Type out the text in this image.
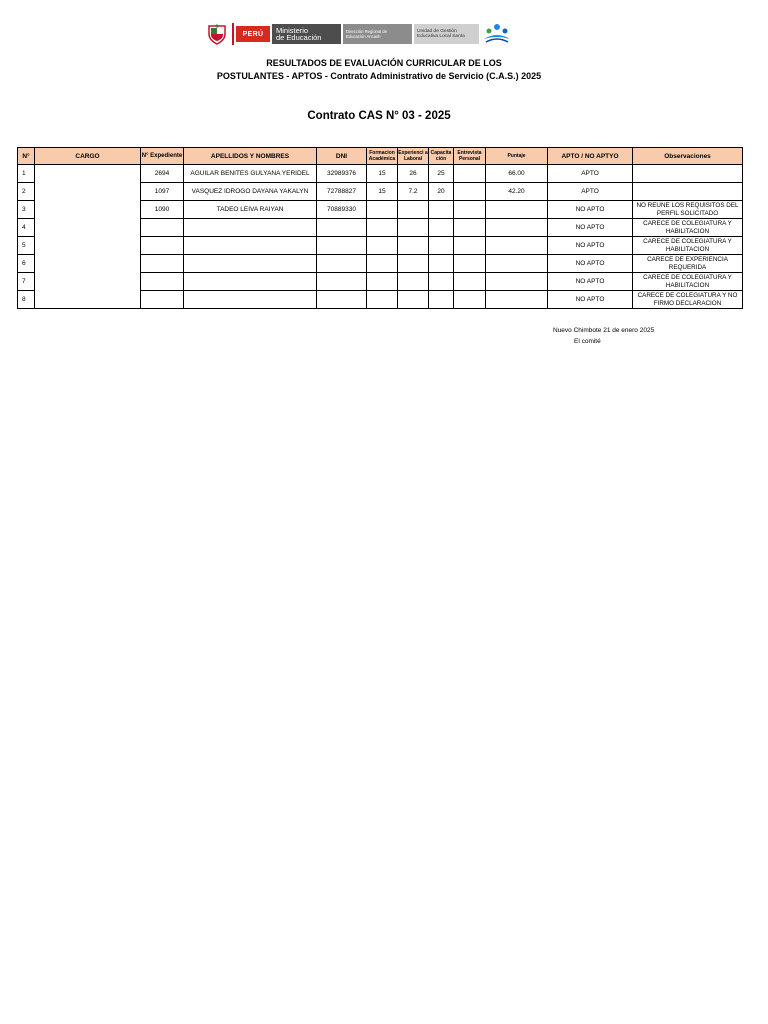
PERÚ	Ministerio
de Educación
Dirección Regional de
Educación Ancash
Unidad de Gestión
Educativa Local Santa
RESULTADOS DE EVALUACIÓN CURRICULAR DE LOS
POSTULANTES - APTOS - Contrato Administrativo de Servicio (C.A.S.) 2025
Contrato CAS N° 03 - 2025
N°	CARGO	N° Expediente	APELLIDOS Y NOMBRES	DNI	Formacion Académica	Experienci a Laboral	Capacita ción	Entrevista Personal	Puntaje	APTO / NO APTYO	Observaciones
1		2694	AGUILAR BENITES GULYANA YERIDEL	32989376	15	26	25		66.00	APTO	
2		1097	VASQUEZ IDROGO DAYANA YAKALYN	72788827	15	7.2	20		42.20	APTO	
3		1090	TADEO LEIVA RAIYAN	70889330						NO APTO	NO REUNE LOS REQUISITOS DEL PERFIL SOLICITADO
4										NO APTO	CARECE DE COLEGIATURA Y HABILITACION
5										NO APTO	CARECE DE COLEGIATURA Y HABILITACION
6										NO APTO	CARECE DE EXPERIENCIA REQUERIDA
7										NO APTO	CARECE DE COLEGIATURA Y HABILITACION
8										NO APTO	CARECE DE COLEGIATURA Y NO FIRMO DECLARACION
Nuevo Chimbote 21 de enero 2025
El comité
